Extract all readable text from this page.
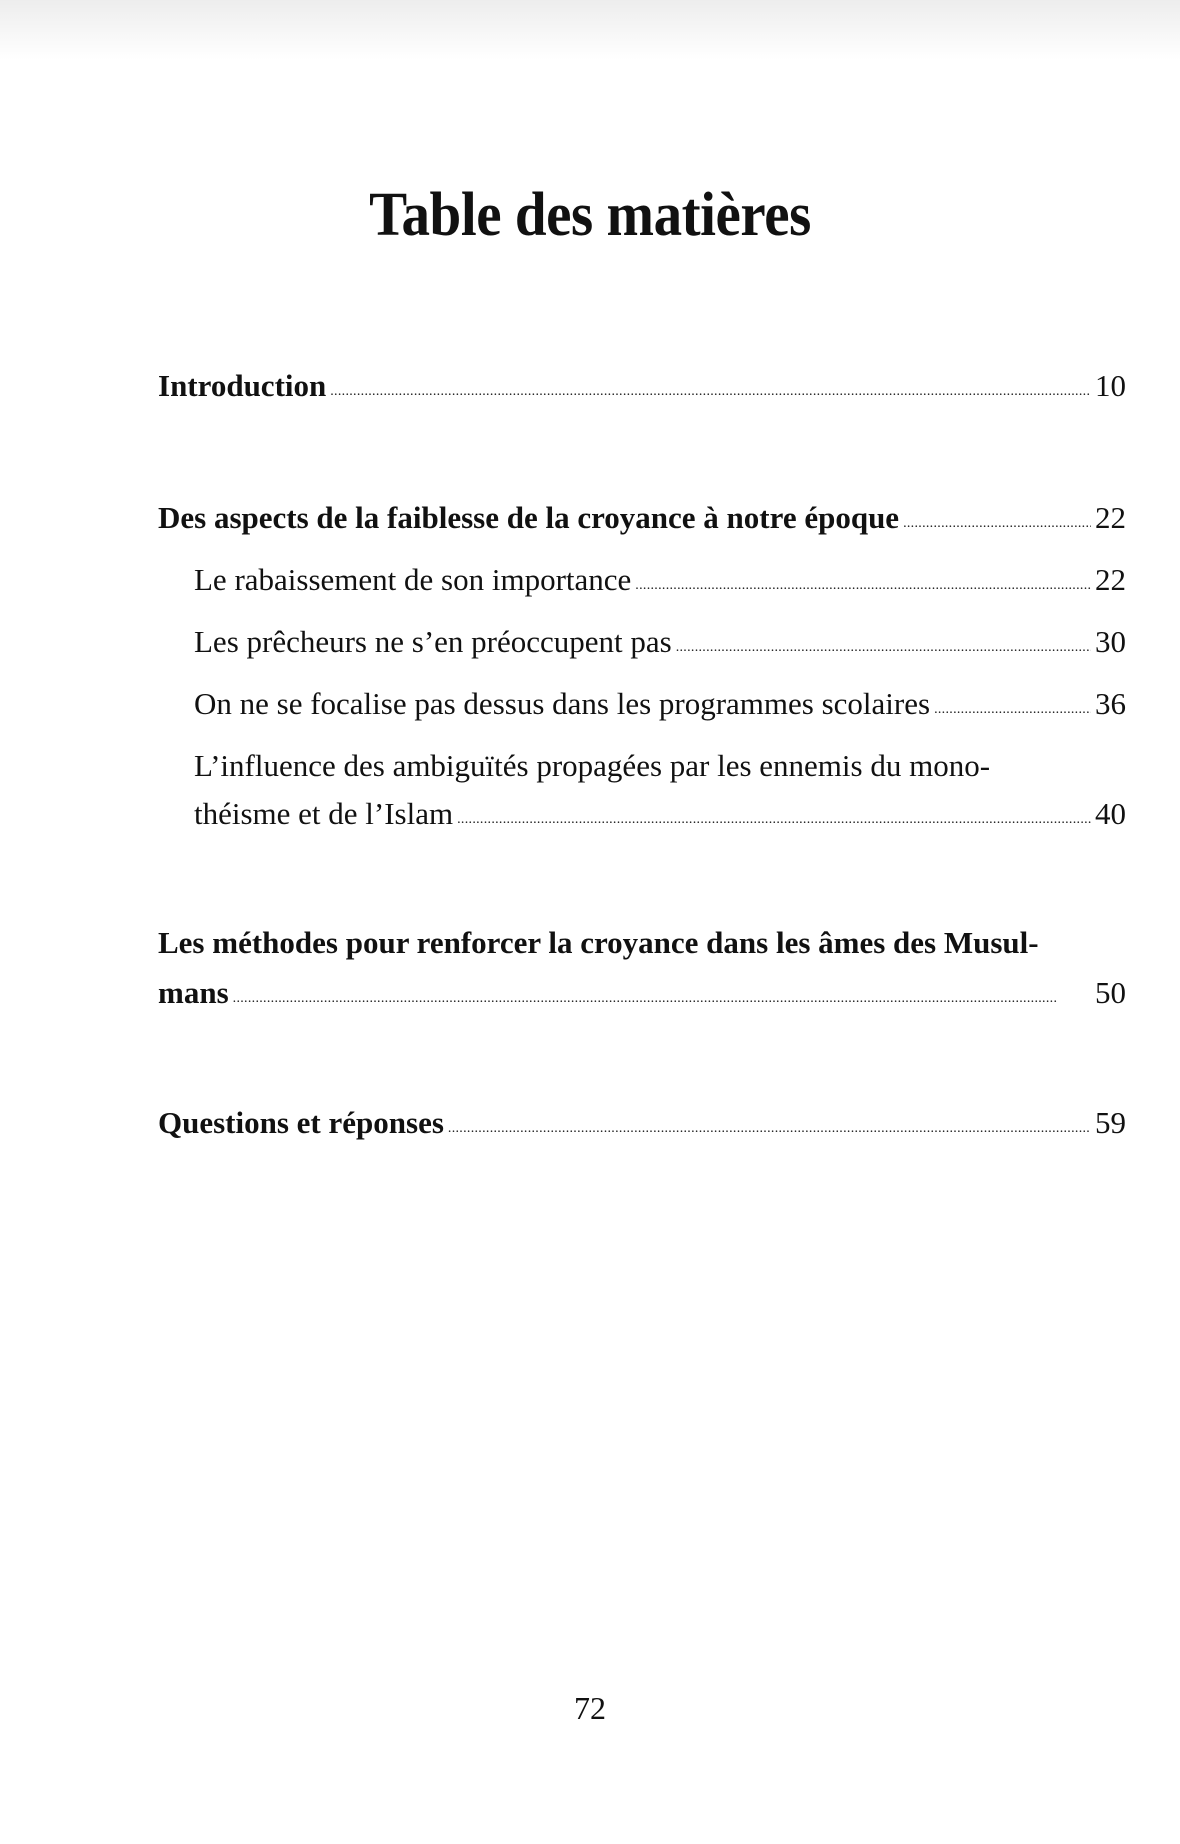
Table des matières
Introduction . . .	10
Des aspects de la faiblesse de la croyance à notre époque . . .	22
Le rabaissement de son importance . . .	22
Les prêcheurs ne s’en préoccupent pas . . .	30
On ne se focalise pas dessus dans les programmes scolaires . . .	36
L’influence des ambiguïtés propagées par les ennemis du mono-
théisme et de l’Islam . . .	40
Les méthodes pour renforcer la croyance dans les âmes des Musul-
mans . . .	50
Questions et réponses . . .	59
72
